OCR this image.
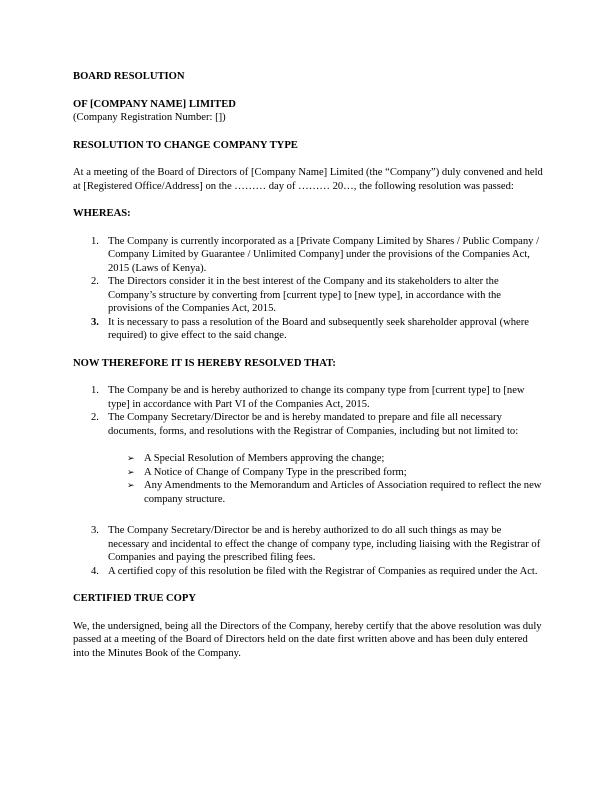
BOARD RESOLUTION

OF [COMPANY NAME] LIMITED

(Company Registration Number: [])

RESOLUTION TO CHANGE COMPANY TYPE

At a meeting of the Board of Directors of [Company Name] Limited (the “Company”) duly convened and held at [Registered Office/Address] on the ……… day of ……… 20…, the following resolution was passed:

WHEREAS:

1. The Company is currently incorporated as a [Private Company Limited by Shares / Public Company / Company Limited by Guarantee / Unlimited Company] under the provisions of the Companies Act, 2015 (Laws of Kenya).
2. The Directors consider it in the best interest of the Company and its stakeholders to alter the Company’s structure by converting from [current type] to [new type], in accordance with the provisions of the Companies Act, 2015.
3. It is necessary to pass a resolution of the Board and subsequently seek shareholder approval (where required) to give effect to the said change.

NOW THEREFORE IT IS HEREBY RESOLVED THAT:

1. The Company be and is hereby authorized to change its company type from [current type] to [new type] in accordance with Part VI of the Companies Act, 2015.
2. The Company Secretary/Director be and is hereby mandated to prepare and file all necessary documents, forms, and resolutions with the Registrar of Companies, including but not limited to:
➢ A Special Resolution of Members approving the change;
➢ A Notice of Change of Company Type in the prescribed form;
➢ Any Amendments to the Memorandum and Articles of Association required to reflect the new company structure.
3. The Company Secretary/Director be and is hereby authorized to do all such things as may be necessary and incidental to effect the change of company type, including liaising with the Registrar of Companies and paying the prescribed filing fees.
4. A certified copy of this resolution be filed with the Registrar of Companies as required under the Act.

CERTIFIED TRUE COPY

We, the undersigned, being all the Directors of the Company, hereby certify that the above resolution was duly passed at a meeting of the Board of Directors held on the date first written above and has been duly entered into the Minutes Book of the Company.
